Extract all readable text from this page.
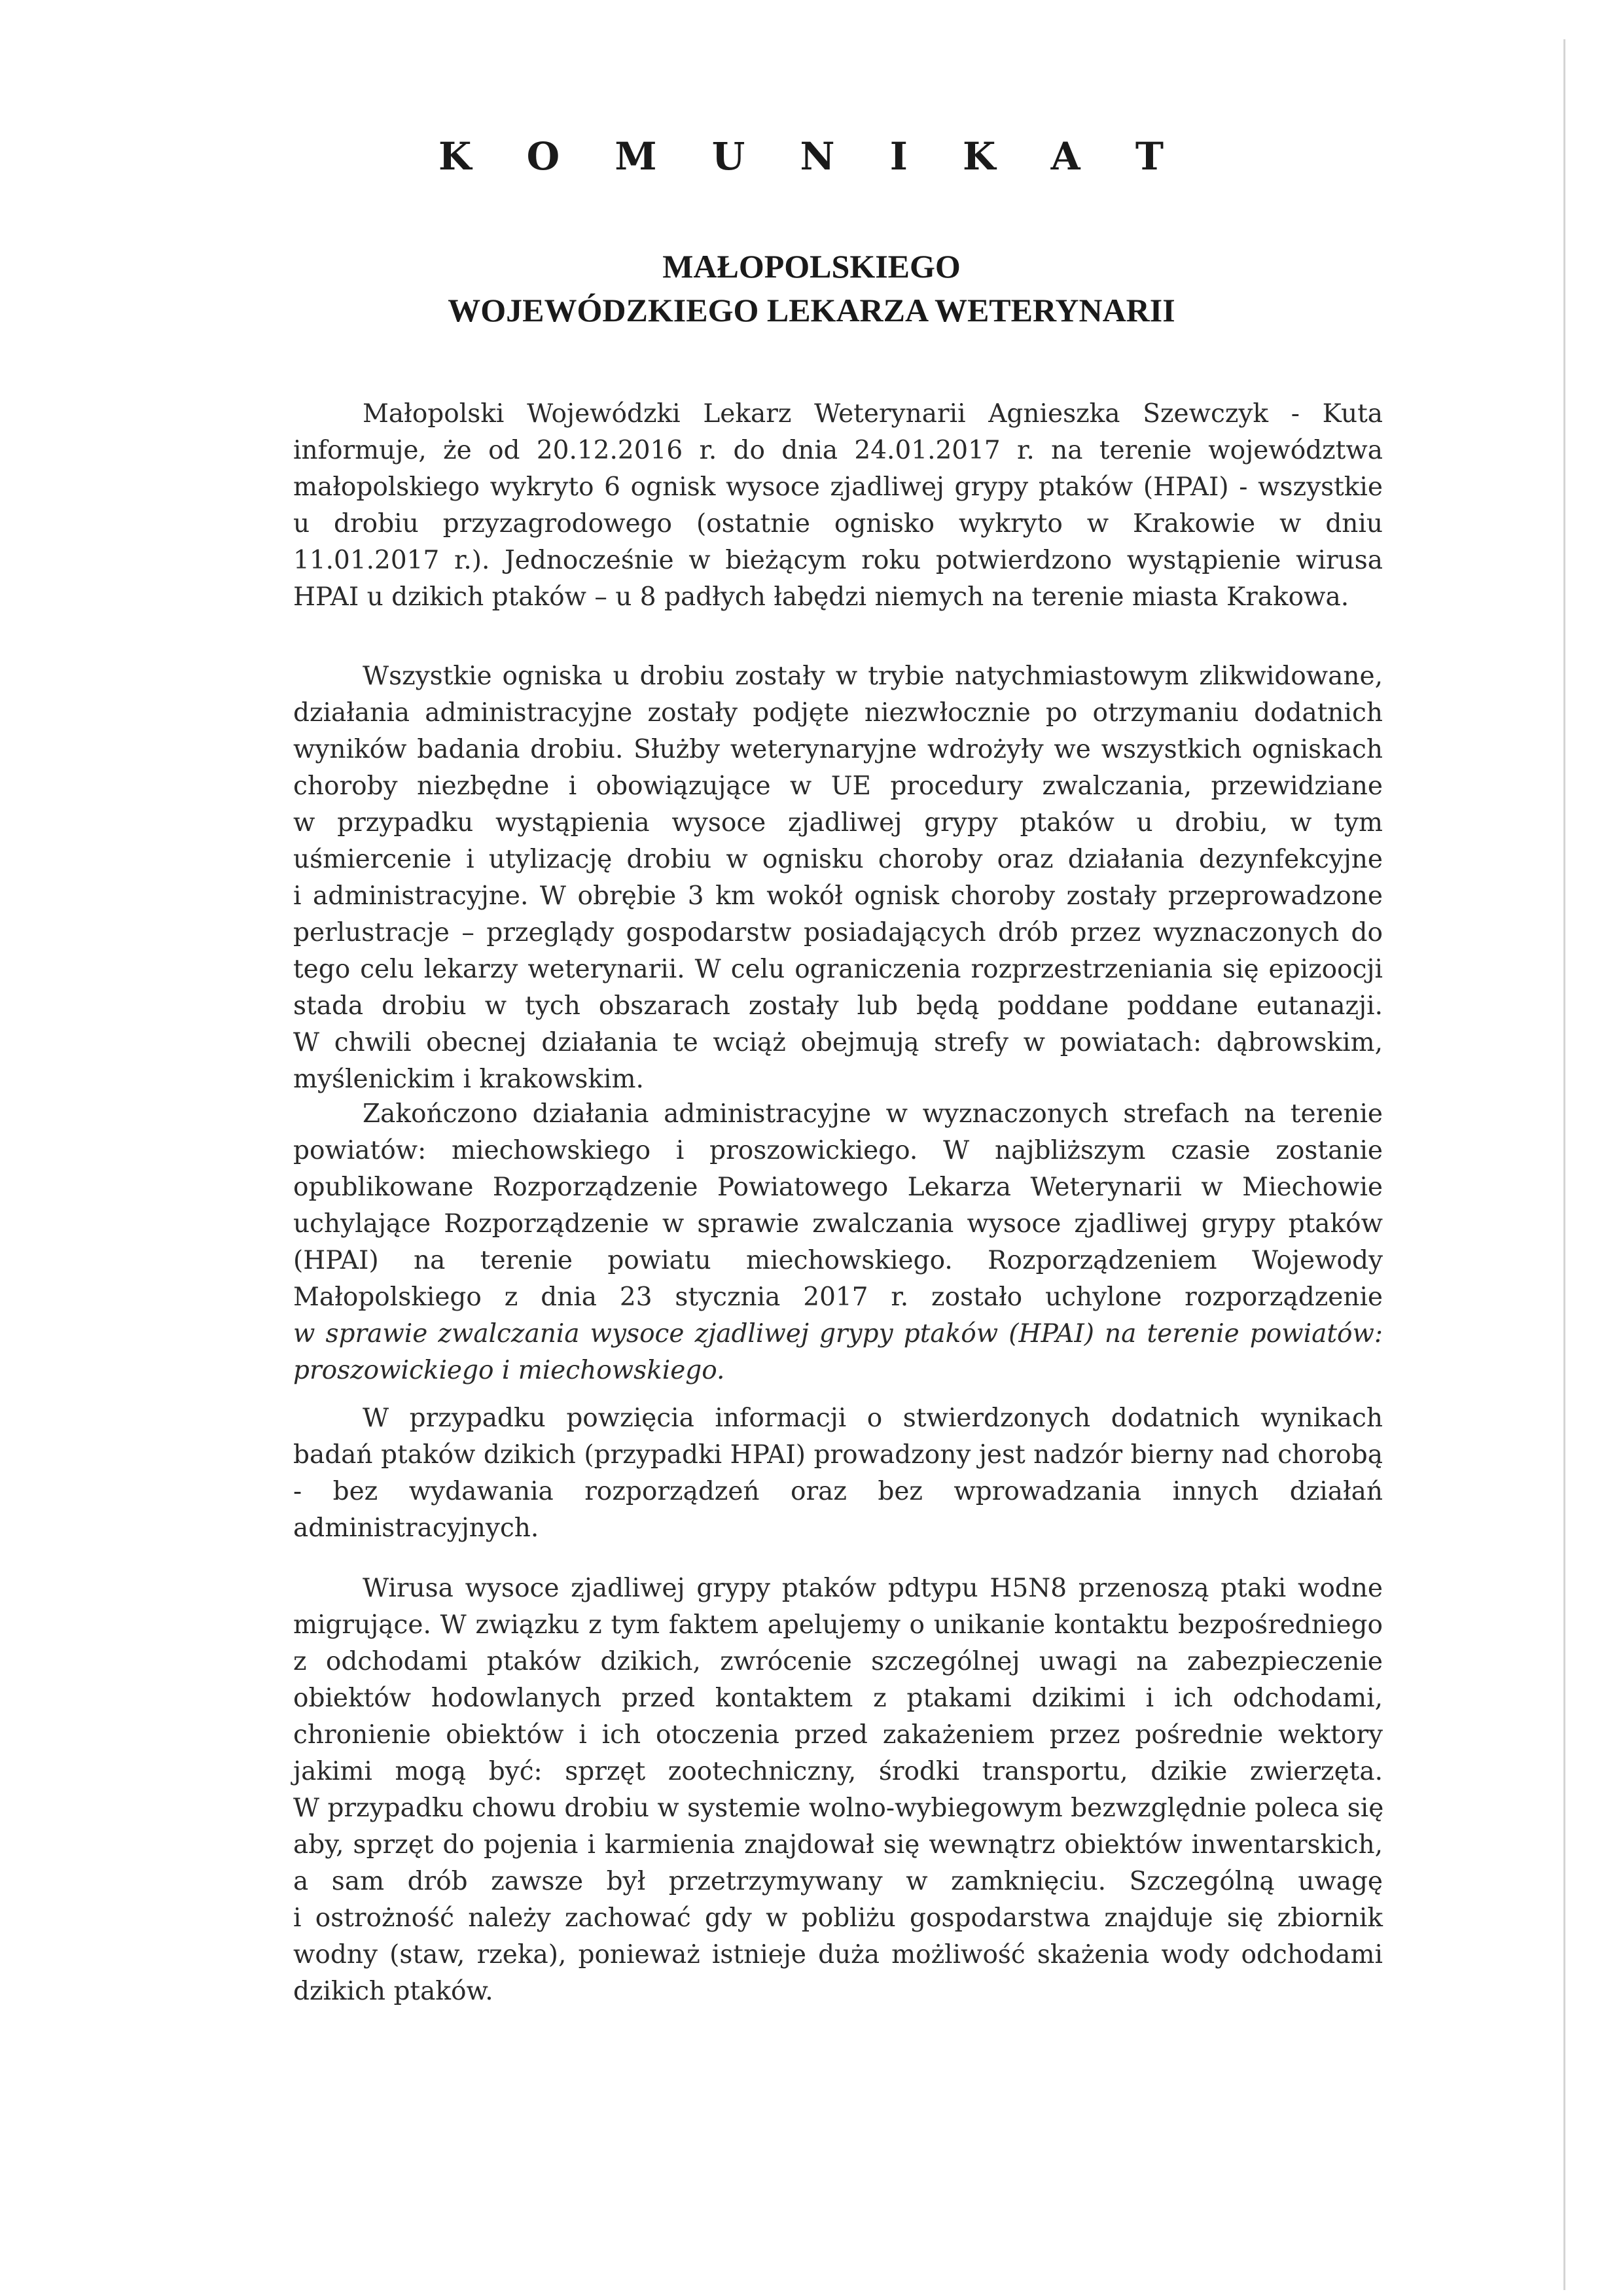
K O M U N I K A T
MAŁOPOLSKIEGO
WOJEWÓDZKIEGO LEKARZA WETERYNARII
Małopolski Wojewódzki Lekarz Weterynarii Agnieszka Szewczyk - Kuta
informuje, że od 20.12.2016 r. do dnia 24.01.2017 r. na terenie województwa
małopolskiego wykryto 6 ognisk wysoce zjadliwej grypy ptaków (HPAI) - wszystkie
u drobiu przyzagrodowego (ostatnie ognisko wykryto w Krakowie w dniu
11.01.2017 r.). Jednocześnie w bieżącym roku potwierdzono wystąpienie wirusa
HPAI u dzikich ptaków – u 8 padłych łabędzi niemych na terenie miasta Krakowa.
Wszystkie ogniska u drobiu zostały w trybie natychmiastowym zlikwidowane,
działania administracyjne zostały podjęte niezwłocznie po otrzymaniu dodatnich
wyników badania drobiu. Służby weterynaryjne wdrożyły we wszystkich ogniskach
choroby niezbędne i obowiązujące w UE procedury zwalczania, przewidziane
w przypadku wystąpienia wysoce zjadliwej grypy ptaków u drobiu, w tym
uśmiercenie i utylizację drobiu w ognisku choroby oraz działania dezynfekcyjne
i administracyjne. W obrębie 3 km wokół ognisk choroby zostały przeprowadzone
perlustracje – przeglądy gospodarstw posiadających drób przez wyznaczonych do
tego celu lekarzy weterynarii. W celu ograniczenia rozprzestrzeniania się epizoocji
stada drobiu w tych obszarach zostały lub będą poddane poddane eutanazji.
W chwili obecnej działania te wciąż obejmują strefy w powiatach: dąbrowskim,
myślenickim i krakowskim.
Zakończono działania administracyjne w wyznaczonych strefach na terenie
powiatów: miechowskiego i proszowickiego. W najbliższym czasie zostanie
opublikowane Rozporządzenie Powiatowego Lekarza Weterynarii w Miechowie
uchylające Rozporządzenie w sprawie zwalczania wysoce zjadliwej grypy ptaków
(HPAI) na terenie powiatu miechowskiego. Rozporządzeniem Wojewody
Małopolskiego z dnia 23 stycznia 2017 r. zostało uchylone rozporządzenie
w sprawie zwalczania wysoce zjadliwej grypy ptaków (HPAI) na terenie powiatów:
proszowickiego i miechowskiego.
W przypadku powzięcia informacji o stwierdzonych dodatnich wynikach
badań ptaków dzikich (przypadki HPAI) prowadzony jest nadzór bierny nad chorobą
- bez wydawania rozporządzeń oraz bez wprowadzania innych działań
administracyjnych.
Wirusa wysoce zjadliwej grypy ptaków pdtypu H5N8 przenoszą ptaki wodne
migrujące. W związku z tym faktem apelujemy o unikanie kontaktu bezpośredniego
z odchodami ptaków dzikich, zwrócenie szczególnej uwagi na zabezpieczenie
obiektów hodowlanych przed kontaktem z ptakami dzikimi i ich odchodami,
chronienie obiektów i ich otoczenia przed zakażeniem przez pośrednie wektory
jakimi mogą być: sprzęt zootechniczny, środki transportu, dzikie zwierzęta.
W przypadku chowu drobiu w systemie wolno-wybiegowym bezwzględnie poleca się
aby, sprzęt do pojenia i karmienia znajdował się wewnątrz obiektów inwentarskich,
a sam drób zawsze był przetrzymywany w zamknięciu. Szczególną uwagę
i ostrożność należy zachować gdy w pobliżu gospodarstwa znajduje się zbiornik
wodny (staw, rzeka), ponieważ istnieje duża możliwość skażenia wody odchodami
dzikich ptaków.
